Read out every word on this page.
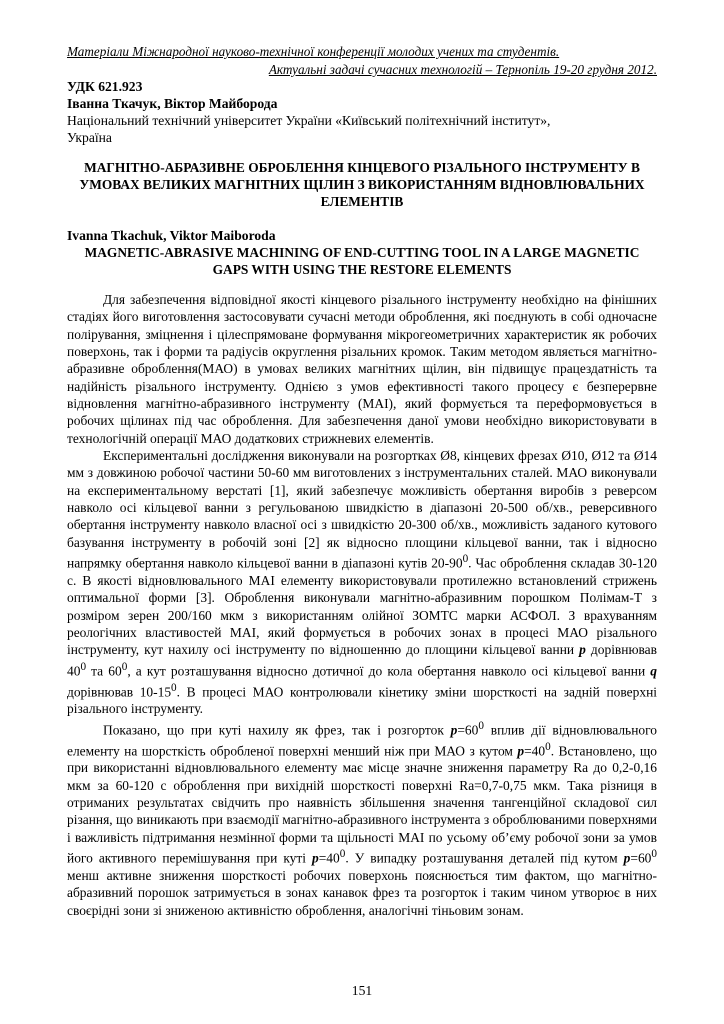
Матеріали Міжнародної науково-технічної конференції молодих учених та студентів.
Актуальні задачі сучасних технологій – Тернопіль 19-20 грудня 2012.
УДК 621.923
Іванна Ткачук, Віктор Майборода
Національний технічний університет України «Київський політехнічний інститут»,
Україна
МАГНІТНО-АБРАЗИВНЕ ОБРОБЛЕННЯ КІНЦЕВОГО РІЗАЛЬНОГО ІНСТРУМЕНТУ В УМОВАХ ВЕЛИКИХ МАГНІТНИХ ЩІЛИН З ВИКОРИСТАННЯМ ВІДНОВЛЮВАЛЬНИХ ЕЛЕМЕНТІВ
Ivanna Tkachuk, Viktor Maiboroda
MAGNETIC-ABRASIVE MACHINING OF END-CUTTING TOOL IN A LARGE MAGNETIC GAPS WITH USING THE RESTORE ELEMENTS

Для забезпечення відповідної якості кінцевого різального інструменту необхідно на фінішних стадіях його виготовлення застосовувати сучасні методи оброблення, які поєднують в собі одночасне полірування, зміцнення і цілеспрямоване формування мікрогеометричних характеристик як робочих поверхонь, так і форми та радіусів округлення різальних кромок. Таким методом являється магнітно-абразивне оброблення(МАО) в умовах великих магнітних щілин, він підвищує працездатність та надійність різального інструменту. Однією з умов ефективності такого процесу є безперервне відновлення магнітно-абразивного інструменту (МАІ), який формується та переформовується в робочих щілинах під час оброблення. Для забезпечення даної умови необхідно використовувати в технологічній операції МАО додаткових стрижневих елементів.

Експериментальні дослідження виконували на розгортках Ø8, кінцевих фрезах Ø10, Ø12 та Ø14 мм з довжиною робочої частини 50-60 мм виготовлених з інструментальних сталей. МАО виконували на експериментальному верстаті [1], який забезпечує можливість обертання виробів з реверсом навколо осі кільцевої ванни з регульованою швидкістю в діапазоні 20-500 об/хв., реверсивного обертання інструменту навколо власної осі з швидкістю 20-300 об/хв., можливість заданого кутового базування інструменту в робочій зоні [2] як відносно площини кільцевої ванни, так і відносно напрямку обертання навколо кільцевої ванни в діапазоні кутів $20-90^0$. Час оброблення складав 30-120 с. В якості відновлювального МАІ елементу використовували протилежно встановлений стрижень оптимальної форми [3]. Оброблення виконували магнітно-абразивним порошком Полімам-Т з розміром зерен 200/160 мкм з використанням олійної ЗОМТС марки АСФОЛ. З врахуванням реологічних властивостей МАІ, який формується в робочих зонах в процесі МАО різального інструменту, кут нахилу осі інструменту по відношенню до площини кільцевої ванни р дорівнював $40^0$ та $60^0$, а кут розташування відносно дотичної до кола обертання навколо осі кільцевої ванни q дорівнював $10-15^0$. В процесі МАО контролювали кінетику зміни шорсткості на задній поверхні різального інструменту.

Показано, що при куті нахилу як фрез, так і розгорток $р=60^0$ вплив дії відновлювального елементу на шорсткість обробленої поверхні менший ніж при МАО з кутом $р=40^0$. Встановлено, що при використанні відновлювального елементу має місце значне зниження параметру Ra до 0,2-0,16 мкм за 60-120 с оброблення при вихідній шорсткості поверхні Ra=0,7-0,75 мкм. Така різниця в отриманих результатах свідчить про наявність збільшення значення тангенційної складової сил різання, що виникають при взаємодії магнітно-абразивного інструмента з оброблюваними поверхнями і важливість підтримання незмінної форми та щільності МАІ по усьому об’єму робочої зони за умов його активного перемішування при куті $р=40^0$. У випадку розташування деталей під кутом $р=60^0$ менш активне зниження шорсткості робочих поверхонь пояснюється тим фактом, що магнітно-абразивний порошок затримується в зонах канавок фрез та розгорток і таким чином утворює в них своєрідні зони зі зниженою активністю оброблення, аналогічні тіньовим зонам.

151
